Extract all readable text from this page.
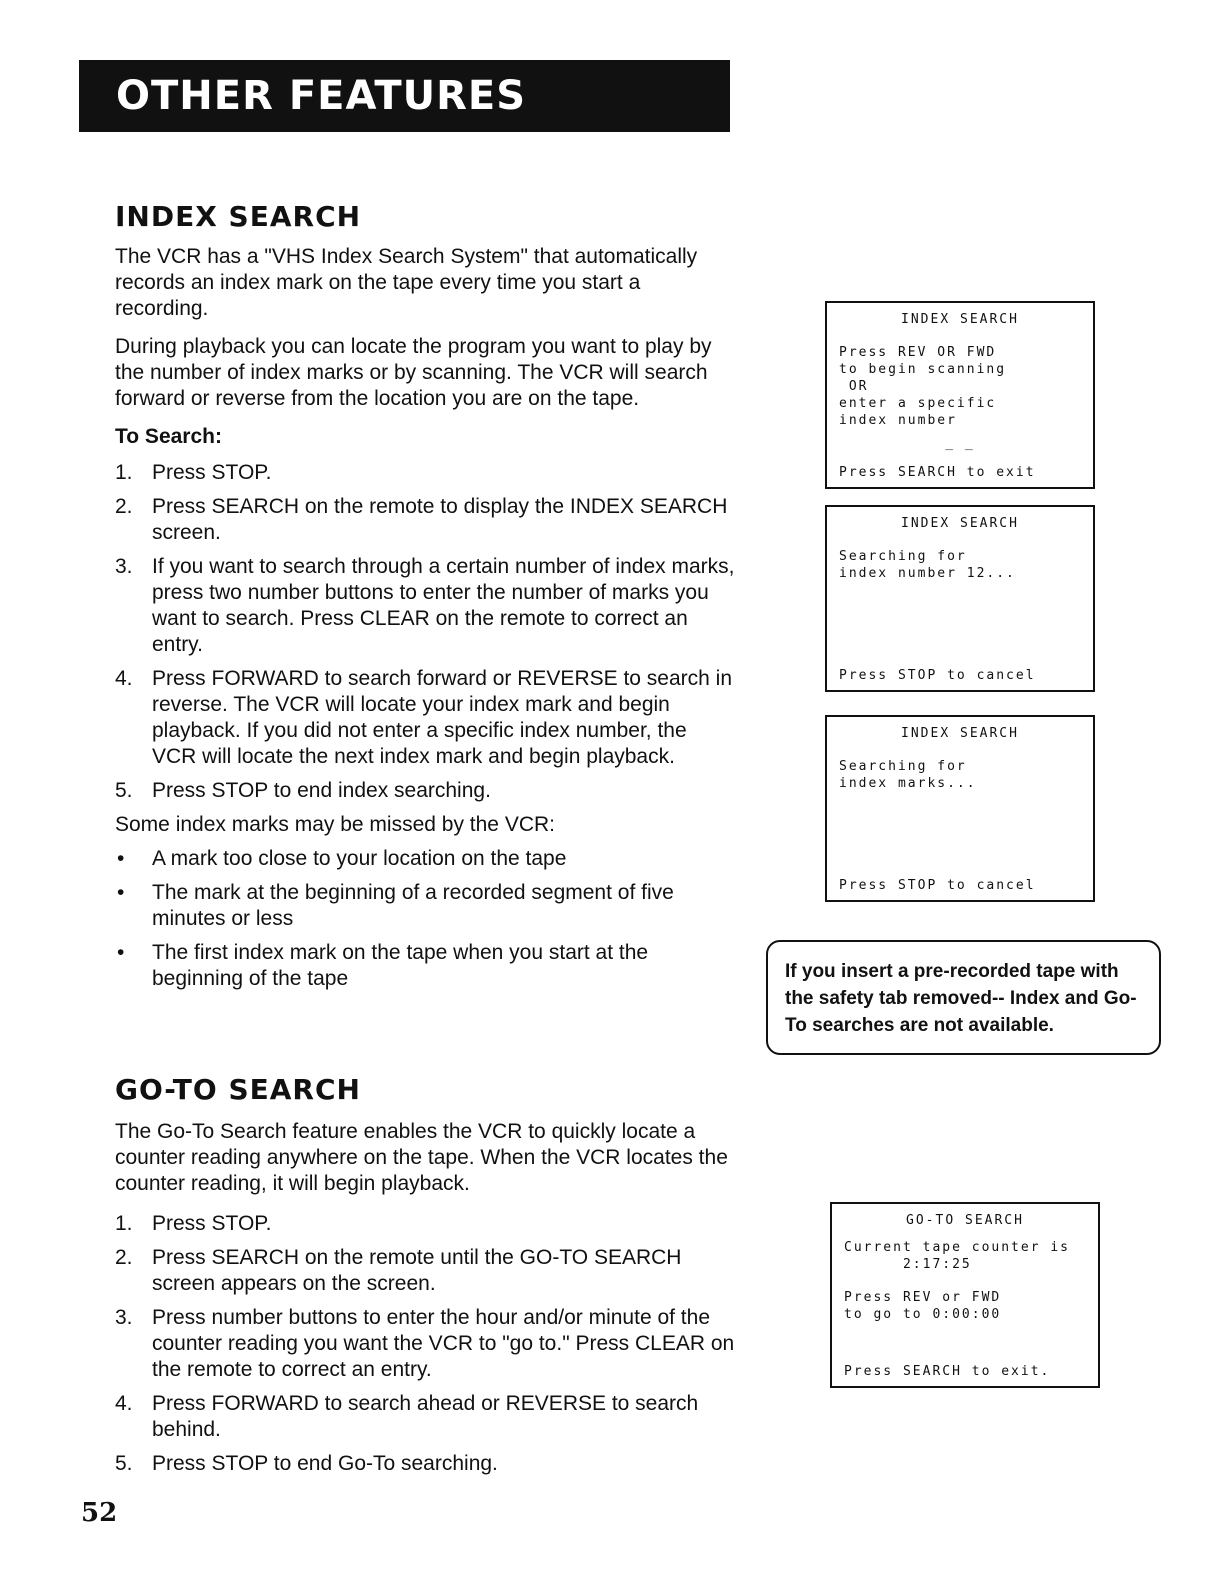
OTHER FEATURES
INDEX SEARCH

The VCR has a "VHS Index Search System" that automatically records an index mark on the tape every time you start a recording.

During playback you can locate the program you want to play by the number of index marks or by scanning. The VCR will search forward or reverse from the location you are on the tape.

To Search:
1. Press STOP.
2. Press SEARCH on the remote to display the INDEX SEARCH screen.
3. If you want to search through a certain number of index marks, press two number buttons to enter the number of marks you want to search. Press CLEAR on the remote to correct an entry.
4. Press FORWARD to search forward or REVERSE to search in reverse. The VCR will locate your index mark and begin playback. If you did not enter a specific index number, the VCR will locate the next index mark and begin playback.
5. Press STOP to end index searching.

Some index marks may be missed by the VCR:

•	A mark too close to your location on the tape
•	The mark at the beginning of a recorded segment of five minutes or less
•	The first index mark on the tape when you start at the beginning of the tape
GO-TO SEARCH

The Go-To Search feature enables the VCR to quickly locate a counter reading anywhere on the tape. When the VCR locates the counter reading, it will begin playback.

1. Press STOP.
2. Press SEARCH on the remote until the GO-TO SEARCH screen appears on the screen.
3. Press number buttons to enter the hour and/or minute of the counter reading you want the VCR to "go to." Press CLEAR on the remote to correct an entry.
4. Press FORWARD to search ahead or REVERSE to search behind.
5. Press STOP to end Go-To searching.
INDEX SEARCH
Press REV OR FWD
to begin scanning
OR
enter a specific
index number
_ _
Press SEARCH to exit
INDEX SEARCH
Searching for
index number 12...
Press STOP to cancel
INDEX SEARCH
Searching for
index marks...
Press STOP to cancel
If you insert a pre-recorded tape with the safety tab removed-- Index and Go-To searches are not available.
GO-TO SEARCH
Current tape counter is
2:17:25
Press REV or FWD
to go to 0:00:00
Press SEARCH to exit.
52
